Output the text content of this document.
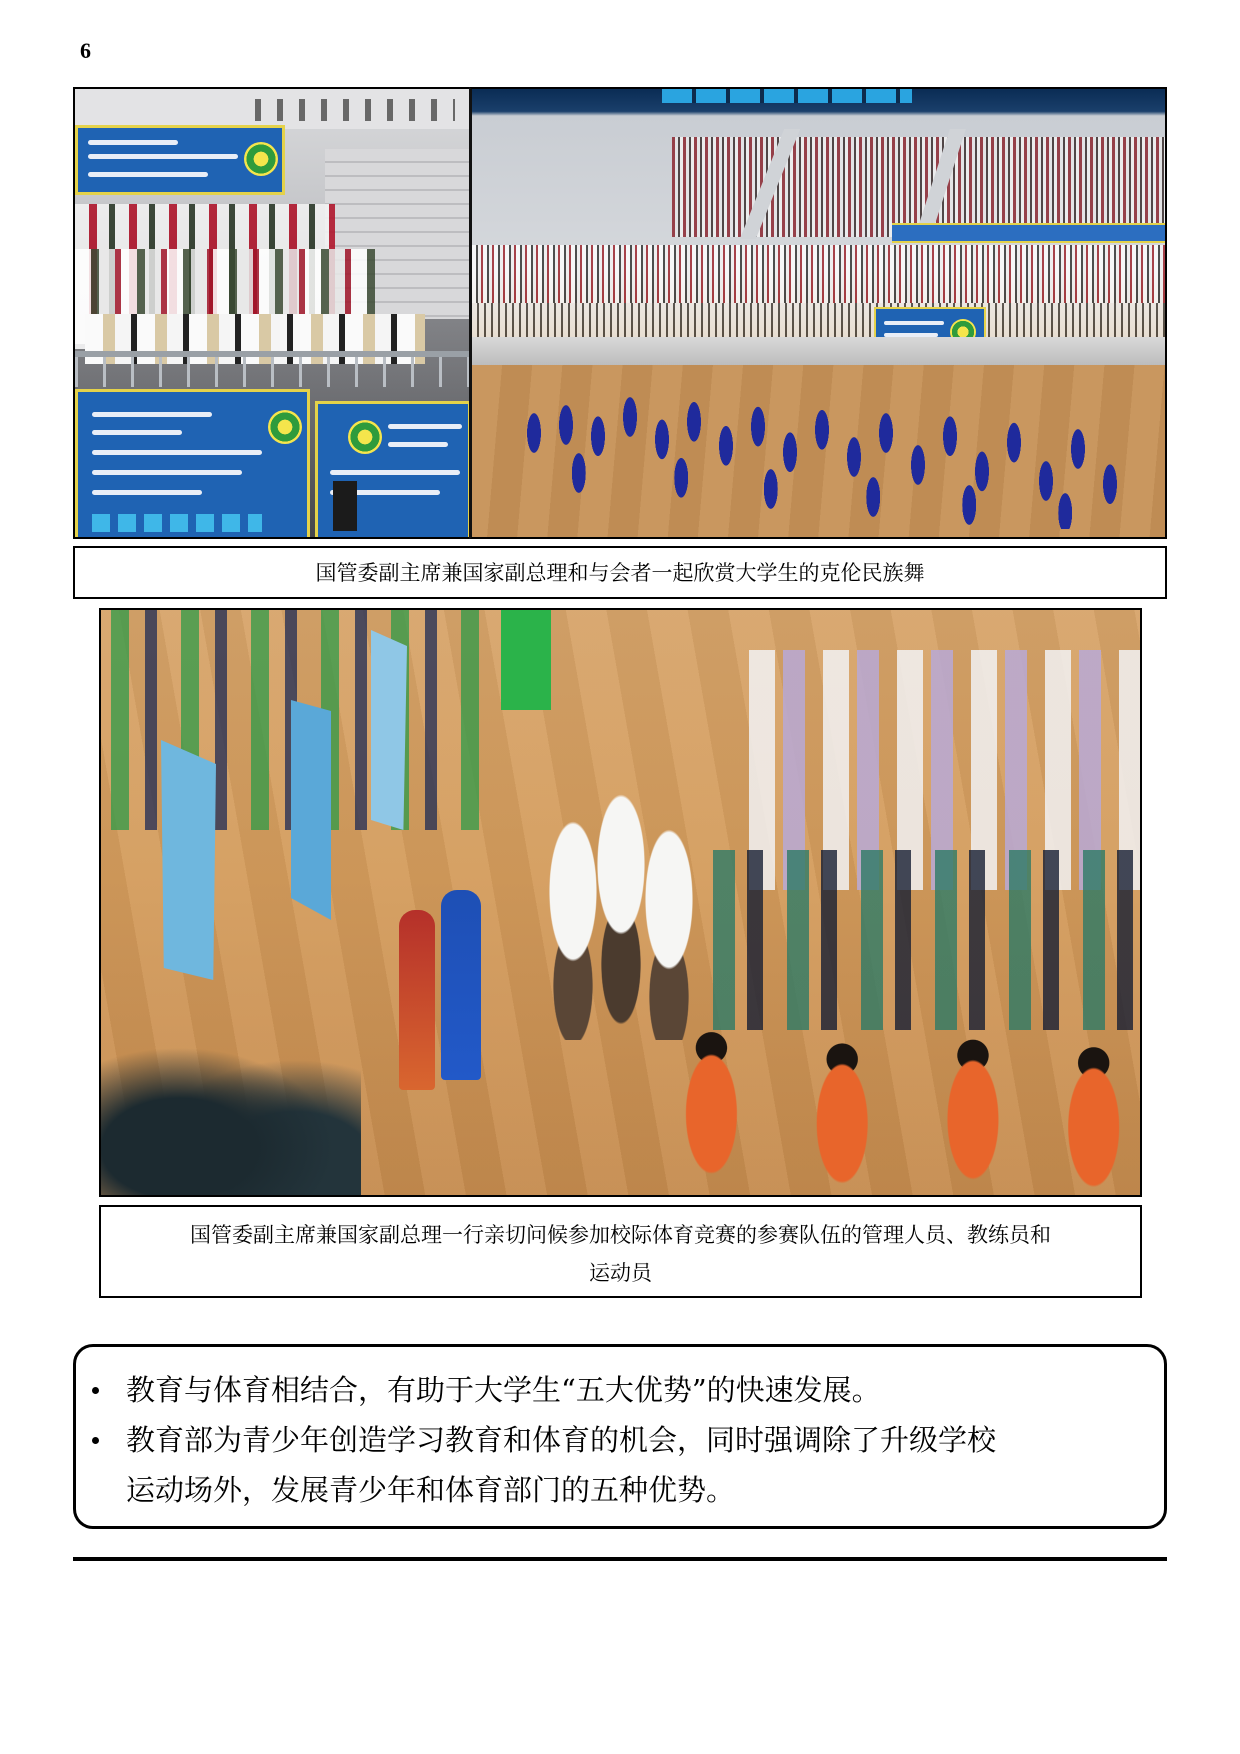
6
国管委副主席兼国家副总理和与会者一起欣赏大学生的克伦民族舞
国管委副主席兼国家副总理一行亲切问候参加校际体育竞赛的参赛队伍的管理人员、教练员和
运动员
教育与体育相结合，有助于大学生“五大优势”的快速发展。
教育部为青少年创造学习教育和体育的机会，同时强调除了升级学校
运动场外，发展青少年和体育部门的五种优势。
